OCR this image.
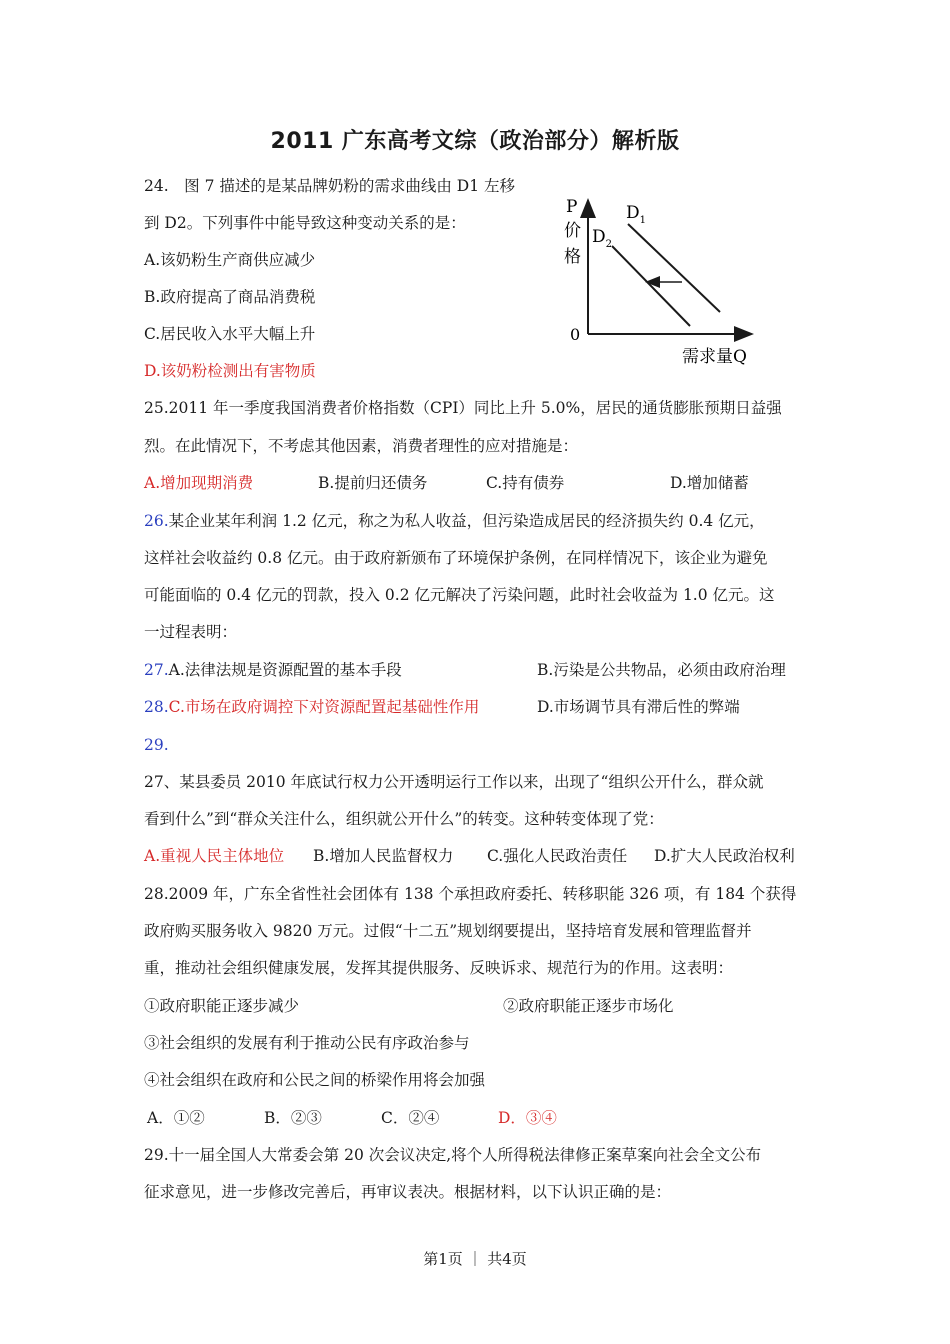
2011 广东高考文综（政治部分）解析版
24.　图 7 描述的是某品牌奶粉的需求曲线由 D1 左移
到 D2。下列事件中能导致这种变动关系的是：
A.该奶粉生产商供应减少
B.政府提高了商品消费税
C.居民收入水平大幅上升
D.该奶粉检测出有害物质
P
价
格
0
$D_1$
$D_2$
需求量Q
25.2011 年一季度我国消费者价格指数（CPI）同比上升 5.0%，居民的通货膨胀预期日益强
烈。在此情况下，不考虑其他因素，消费者理性的应对措施是：
A.增加现期消费	B.提前归还债务	C.持有债券	D.增加储蓄
26.某企业某年利润 1.2 亿元，称之为私人收益，但污染造成居民的经济损失约 0.4 亿元，
这样社会收益约 0.8 亿元。由于政府新颁布了环境保护条例，在同样情况下，该企业为避免
可能面临的 0.4 亿元的罚款，投入 0.2 亿元解决了污染问题，此时社会收益为 1.0 亿元。这
一过程表明：
27.A.法律法规是资源配置的基本手段	B.污染是公共物品，必须由政府治理
28.C.市场在政府调控下对资源配置起基础性作用	D.市场调节具有滞后性的弊端
29.
27、某县委员 2010 年底试行权力公开透明运行工作以来，出现了“组织公开什么，群众就
看到什么”到“群众关注什么，组织就公开什么”的转变。这种转变体现了党：
A.重视人民主体地位 B.增加人民监督权力 C.强化人民政治责任 D.扩大人民政治权利
28.2009 年，广东全省性社会团体有 138 个承担政府委托、转移职能 326 项，有 184 个获得
政府购买服务收入 9820 万元。过假“十二五”规划纲要提出，坚持培育发展和管理监督并
重，推动社会组织健康发展，发挥其提供服务、反映诉求、规范行为的作用。这表明：
①政府职能正逐步减少	②政府职能正逐步市场化
③社会组织的发展有利于推动公民有序政治参与
④社会组织在政府和公民之间的桥梁作用将会加强
A．①②	B．②③	C．②④	D．③④
29.十一届全国人大常委会第 20 次会议决定,将个人所得税法律修正案草案向社会全文公布
征求意见，进一步修改完善后，再审议表决。根据材料，以下认识正确的是：
第1页 ｜ 共4页
